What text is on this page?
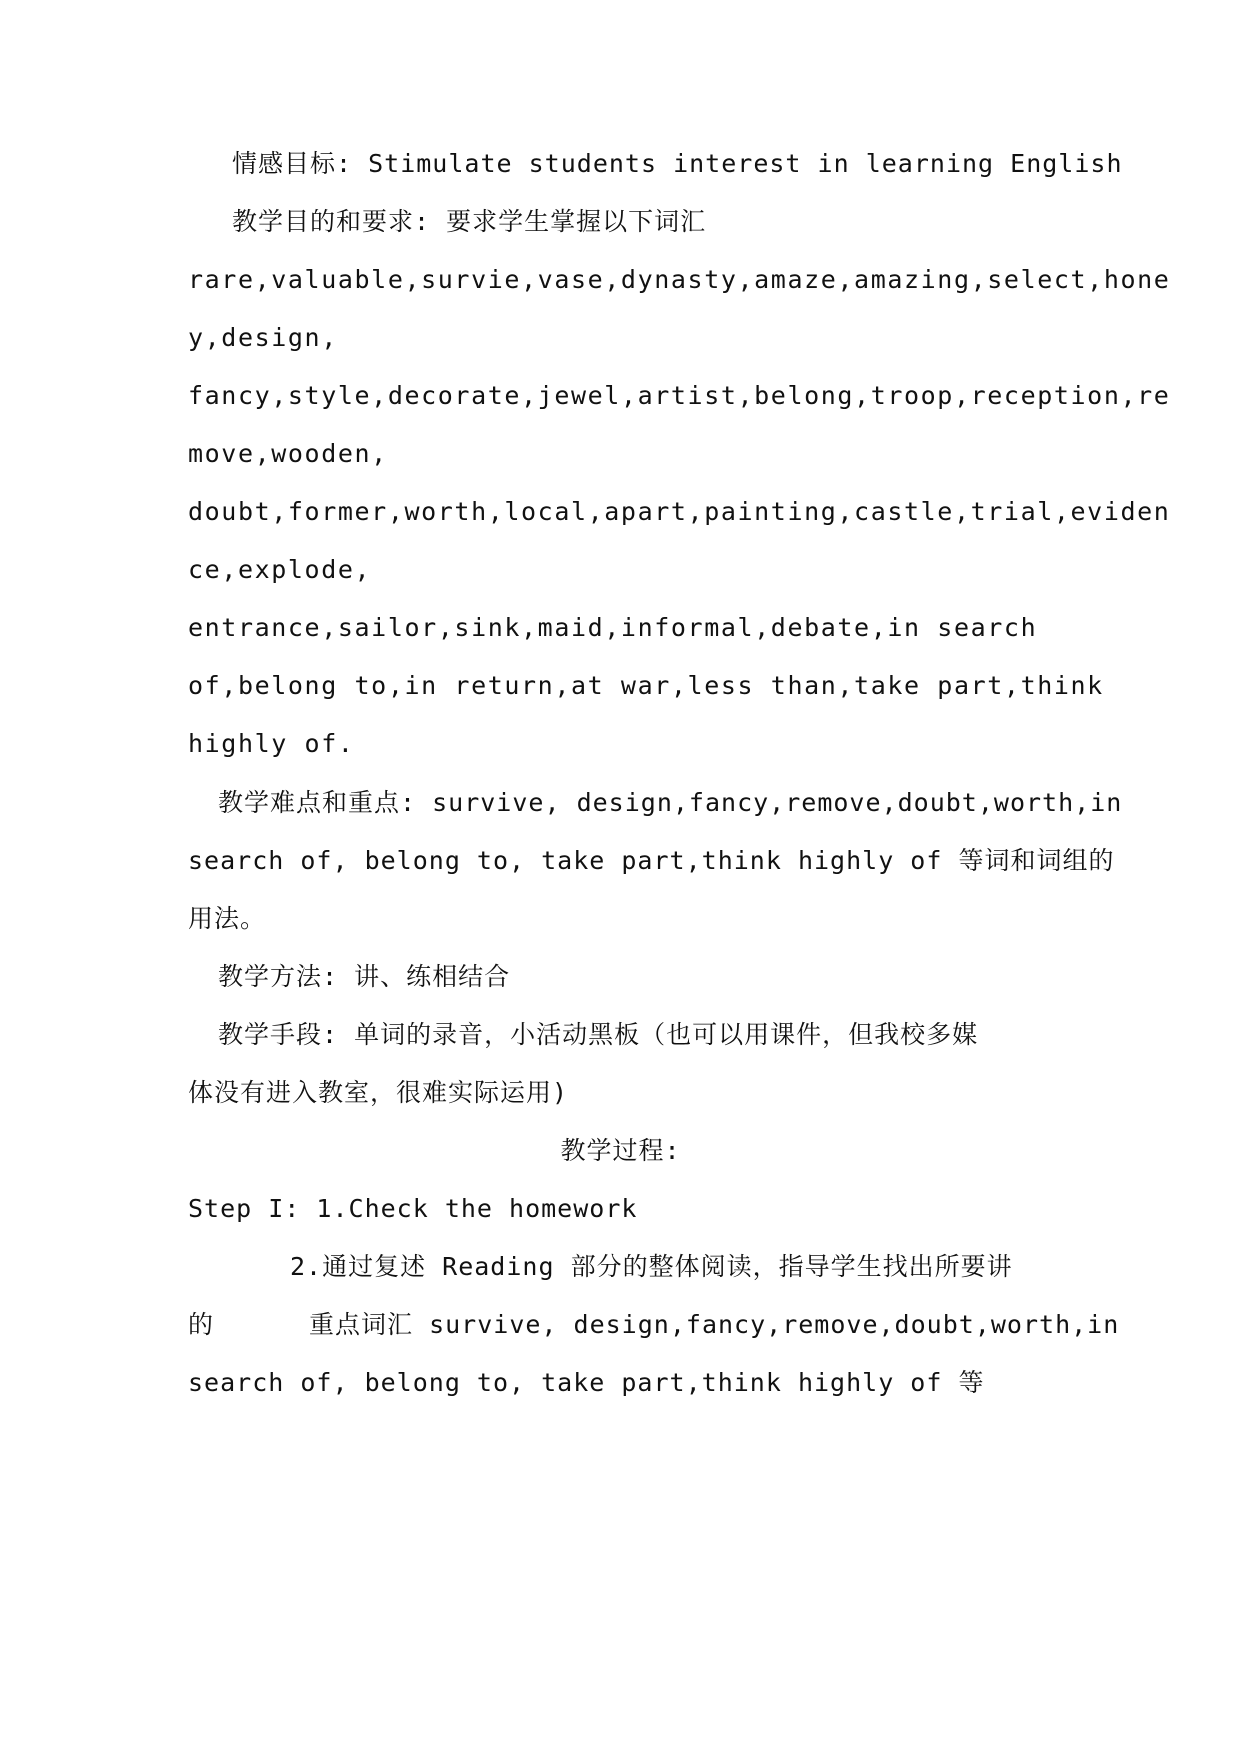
情感目标: Stimulate students interest in learning English
教学目的和要求: 要求学生掌握以下词汇
rare,valuable,survie,vase,dynasty,amaze,amazing,select,hone
y,design,
fancy,style,decorate,jewel,artist,belong,troop,reception,re
move,wooden,
doubt,former,worth,local,apart,painting,castle,trial,eviden
ce,explode,
entrance,sailor,sink,maid,informal,debate,in search
of,belong to,in return,at war,less than,take part,think
highly of.
教学难点和重点: survive, design,fancy,remove,doubt,worth,in
search of, belong to, take part,think highly of 等词和词组的
用法。
教学方法: 讲、练相结合
教学手段: 单词的录音，小活动黑板（也可以用课件，但我校多媒
体没有进入教室，很难实际运用)
教学过程:
Step I: 1.Check the homework
2.通过复述 Reading 部分的整体阅读，指导学生找出所要讲
的	重点词汇 survive, design,fancy,remove,doubt,worth,in
search of, belong to, take part,think highly of 等
